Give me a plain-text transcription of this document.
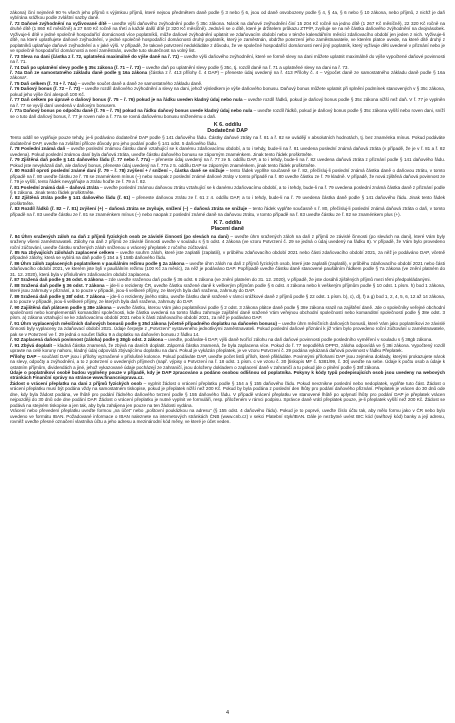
zákona) činí nejméně 90 % všech jeho příjmů s výjimkou příjmů, které nejsou předmětem daně podle § 3 nebo § 6, jsou od daně osvobozeny podle § 4, § 4a, § 6 nebo § 10 zákona, nebo příjmů, z nichž je daň vybírána srážkou podle zvláštní sazby daně.

ř. 72 Daňové zvýhodnění na vyživované dítě – uveďte výši daňového zvýhodnění podle § 35c zákona. Nárok na daňové zvýhodnění činí 15 204 Kč ročně na jedno dítě (1 267 Kč měsíčně), 22 320 Kč ročně na druhé dítě (1 860 Kč měsíčně) a 27 840 Kč ročně na třetí a každé další dítě (2 320 Kč měsíčně). Jedná-li se o dítě, které je držitelem průkazu ZTP/P, zvyšuje se na ně částka daňového zvýhodnění na dvojnásobek. Vyživuje-li dítě v jedné společně hospodařící domácnosti více poplatníků, může daňové zvýhodnění uplatnit ve zdaňovacím období nebo v témže kalendářním měsíci zdaňovacího období jen jeden z nich. Vyživuje-li dítě, na které uplatňujete daňové zvýhodnění, v jedné společně hospodařící domácnosti druhý poplatník, který je zaměstnán, obdržte potvrzení jeho zaměstnavatele, ve kterém platce uvede, na které dítě druhý z poplatníků uplatňuje daňové zvýhodnění a v jaké výši. V případě, že takové potvrzení nedokládáte z důvodu, že ve společné hospodařící domácnosti není jiný poplatník, který vyživuje děti uvedené v přiznání nebo je ve společně hospodařící domácnosti a není zaměstnán, uveďte tuto skutečnost na volný list.

ř. 73 Sleva na dani (částka z ř. 72, uplatněná maximálně do výše daně na ř. 71) – uveďte výši daňového zvýhodnění, které ve formě slevy na dani můžete uplatnit maximálně do výše vypočtené daňové povinnosti na ř. 71.

ř. 74 Daň po uplatnění slevy podle § 35c zákona (ř. 71 – ř. 73) – uveďte daň po uplatnění slevy podle § 35c, tj. rozdíl daně na ř. 71 a uplatněné slevy na dani na ř. 73.

ř. 74a Daň ze samostatného základu daně podle § 16a zákona (částka z ř. 413 přílohy č. 4 DAP) – přeneste údaj uvedený na ř. 413 Přílohy č. 4 – Výpočet daně ze samostatného základu daně podle § 16a zákona*.

ř. 75 Daň celkem (ř. 74 + ř. 74a) – uveďte součet daně a daně ze samostatného základu daně.

ř. 76 Daňový bonus (ř. 72 – ř. 73) – uveďte rozdíl daňového zvýhodnění a slevy na dani, jehož výsledkem je výše daňového bonusu. Daňový bonus můžete uplatnit při splnění podmínek stanovených v § 35c zákona, pokud jeho výše činí alespoň 100 Kč.

ř. 77 Daň celkem po úpravě o daňový bonus (ř. 75 – ř. 76) pokud je na řádku uveden kladný údaj nebo nula – uveďte rozdíl řádků, pokud je daňový bonus podle § 35c zákona nižší než daň. V ř. 77 je vyplněn na ř. 77 se vyvíjí daní uvedená v daňovým bonusem.

ř. 77a Daňový bonus po odpočtu daně (ř. 76 – ř. 75) pokud na řádku daňový bonus uvede kladný údaj nebo nula – uveďte rozdíl řádků, pokud je daňový bonus podle § 35c zákona vyšší nebo roven dani, sníží se o tuto daň daňový bonus, ř. 77 je roven nule a ř. 77a se rovná daňovému bonusu sníženému o daň.

K 6. oddílu
Dodatečné DAP

Tento oddíl se vyplňuje pouze tehdy, je-li podáváno dodatečné DAP podle § 141 daňového řádu. Částky daňové ztráty na ř. 81 a ř. 82 se uvádějí v absolutních hodnotách, tj. bez znaménka mínus. Pokud podáváte dodatečné DAP, uveďte na zvláštní příloze důvody pro jeho podání podle § 141 odst. 5 daňového řádu.

ř. 78 Poslední známá daň – uveďte poslední známou částku daně vztahující se k danému zdaňovacímu období, a to i tehdy, bude-li na ř. 81 uvedena poslední známá daňová ztráta (v případě, že je v ř. 81 a ř. 82 uvedena). Pokud poslední známou daní byla daňová ztráta, uveďte částku daňového bonusu se záporným znaménkem. Jinak tento řádek proškrtněte.

ř. 79 Zjištěná daň podle § 141 daňového řádu (ř. 77 nebo ř. 77a) – přeneste údaj uvedený na ř. 77 ze 5. oddílu DAP, a to i tehdy, bude-li na ř. 82 uvedena daňová ztráta z přiznání podle § 141 daňového řádu. Pokud jste nevykázali daň, ale daňový bonus, přeneste údaj uvedený na ř. 77a z 5. oddílu DAP se záporným znaménkem, jinak tento řádek proškrtněte.

ř. 80 Rozdíl oproti poslední známé dani (ř. 79 – ř. 78) zvýšení + / snížení –, částka daně se snižuje – tento řádek vyplňte současně se ř. 82, přečísluj-li poslední známá částka daně o daňovou ztrátu, v tomto případě na ř. 80 uveďte částku ze ř. 78 se znaménkem mínus (–) nebo naopak z poslední známé daňové ztráty v tomto případě na ř. 80 uveďte částku ze ř. 79 kladně. V případě, že nová zjištěná daňová povinnost ze ř. 79 je vyšší, tento řádek nevyplňujte a ztrátu hoďte ze ř. 79 a ř. 82.

ř. 81 Poslední známá daň – daňová ztráta – uveďte poslední známou daňovou ztrátu vztahující se k danému zdaňovacímu období, a to i tehdy, bude-li na ř. 79 uvedena poslední známá částka daně z přiznání podle § 6 zákona. Jinak tento řádek proškrtněte.

ř. 82 Zjištěná ztráta podle § 141 daňového řádu (ř. 61) – přeneste daňovou ztrátu ze ř. 61 z 4. oddílu DAP, a to i tehdy, bude-li na ř. 79 uvedena částka daně podle § 141 daňového řádu. Jinak tento řádek proškrtněte.

ř. 83 Rozdíl řádků (ř. 82 – ř. 81) zvýšení (+) – daňová ztráta se zvyšuje, snížení (–) – daňová ztráta se snižuje – tento řádek vyplňte současně s ř. 80, přečísluj-li poslední známá daňová ztráta o daň, v tomto případě na ř. 83 uveďte částku ze ř. 81 se znaménkem mínus (–) nebo naopak z poslední známé daně na daňovou ztrátu, v tomto případě na ř. 83 uveďte částku ze ř. 82 se znaménkem plus (+).

K 7. oddílu
Placení daně

ř. 84 Úhrn sražených záloh na daň z příjmů fyzických osob ze závislé činnosti (po slevách na dani) – uveďte úhrn sražených záloh na daň z příjmů ze závislé činnosti (po slevách na dani), které Vám byly sraženy všemi zaměstnavateli. Zálohy na daň z příjmů ze závislé činnosti uveďte v souladu s § 5 odst. 4 zákona (ve vzoru Potvrzení č. 29 se jedná o údaj uvedený na řádku 8). V případě, že Vám bylo provedeno roční zúčtování, uveďte částku sražených záloh sníženou o vrácený přeplatek z ročního zúčtování.

ř. 85 Na zbývajících zálohách zaplacené celkem – uveďte souhrn záloh, které jste zaplatili (zaplatili), v průběhu zdaňovacího období 2021 nebo části zdaňovacího období 2021, za něž je podáváno DAP, včetně případné zálohy, která se vybírá na daň podle § 154 a § 158b daňového řádu.

ř. 86 Úhrn záloh zaplacených poplatníkem v paušálním režimu podle § 2a zákona – uveďte úhrn záloh na daň z příjmů fyzických osob, které jste zaplatili (zaplatili), v průběhu zdaňovacího období 2021 nebo části zdaňovacího období 2021, ve kterém jste byli v paušálním režimu (100 Kč za měsíc), za něž je podáváno DAP. Popřípadě uveďte částku daně stanovené paušálním řádkem podle § 7a zákona (ve znění platném do 31. 12. 2020), která byla v příslušném zdaňovacím období zaplacena.

ř. 87 Sražená daň podle § 36 odst. 6 zákona – zde uveďte sraženou daň podle § 36 odst. 6 zákona (ve znění platném do 31. 12. 2020), v případě, že jste dosáhli zjištěných příjmů mezi těmi předpokládanými.

ř. 88 Sražená daň podle § 36 odst. 7 zákona – jde-li o rezidenty ČR, uveďte částku sražené daně k veškerým příjmům podle § 6 odst. 4 zákona nebo k veškerým příjmům podle § 10 odst. 1 písm. h) bod 1 zákona, které jsou zahrnuty v přiznání, a to pouze v případě, jsou-li veškeré příjmy, ze kterých byla daň sražena, zahrnuty do DAP.

ř. 89 Sražená daň podle § 38f odst. 7 zákona – jde-li o rezidenty jiného státu, uveďte částku daně sražené v rámci srážkové daně z příjmů podle § 22 odst. 1 písm. b), c), d), f) a g) bod 1, 2, 4, 5, 6, 12 až 14 zákona, a to pouze v případě, jsou-li veškeré příjmy, ze kterých byla daň sražena, zahrnuty do DAP.

ř. 90 Zajištěná daň plátcem podle § 38e zákona – uveďte částku, kterou Vám jako poplatníkovi podle § 2 odst. 3 zákona plátce daně podle § 38e zákona srazil na zajištění daně. Jde o společníky veřejné obchodní společnosti nebo komplementáři komanditní společnosti, kde částka uvedená na tomto řádku zahrnuje zajištění daně sražené Vám veřejnou obchodní společností nebo komanditní společností podle § 38e odst. 3 písm. a) zákona vztahující se ke zdaňovacímu období 2021 nebo k části zdaňovacího období 2021, za něž je podáváno DAP.

ř. 91 Úhrn vyplacených měsíčních daňových bonusů podle § 35d zákona (včetně případného doplatku na daňovém bonusu) – uveďte úhrn měsíčních daňových bonusů, které Vám jako poplatníkovi ze závislé činnosti byly vyplaceny za zdaňovací období 2021. Údaje čerpejte z „Potvrzení“ vystaveného jednotlivými zaměstnavateli. Pokud poslední daňové přiznání k již Vám bylo provedeno roční zúčtování u zaměstnavatele, pak se v Potvrzení ve ř. 29 jedná o součet řádku 9 a doplatku na daňovém bonusu z řádku 14.

ř. 92 Zaplacená daňová povinnost (záloha) podle § 38gb odst. 2 zákona – uveďte, podáváte-li DAP, výši daně tvořící zálohu na daň daňové povinnosti podle posledního vyměření v souladu s § 38gb zákona.

ř. 91 Zbývá doplatit – kladná částka znamená, že zbývá na daních doplatit. Záporná částka znamená, že byla zaplacena více. Pokud do ř. 77 nepodléhá DPPO, záloha odpovídá ve § 38i zákona. Vypočtený rozdíl upravte na celé koruny nahoru, kladný údaj odpovídá zbývajícímu doplatku na dani. Pokud je vykázán přeplatek, je ve vzoru Potvrzení č. 29 podána vykázaná daňová povinnost v řádku Přeplatek.

Přílohy DAP – součástí DAP jsou i přílohy vyznačené v příslušné kolonce. Pokud podáváte DAP, uveďte počet listů příloh, které přikládáte. Povinnými přílohami DAP jsou zejména doklady, kterými prokazujete nárok na slevy, odpočty a zvýhodnění, a to z potvrzení o uvedených příjmech (např. výpisy o Potvrzení na ř. 18 odst. 1 písm. c ve vzoru č. 30 [tiskopis MF č. 5381/99, č. 30] uveďte na sebe. Údaje k počtu osob a údaje k ostatním příjmům, dividendách a jiné, jehož vykazované údaje pocházejí ze zahraničí, jsou doloženy dokladem o zaplacení daně v zahraničí a tu pokud jde o plnění podle § 38f zákona.

Údaje o poplatníkovi osobě budou vyplněny pouze v případě, kdy je DAP zpracováno a podáno osobou odlišnou od poplatníka. Pokyny k kódy typů podepisujících osob jsou uvedeny na webových stránkách Finanční správy na stránce www.financnisprava.cz.

Žádost o vrácení přeplatku na dani z příjmů fyzických osob – vyplnit žádost o vrácení přeplatku podle § 154 a § 155 daňového řádu. Pokud nevznikne poslední nebo nedoplatek, vyplňte tuto část. Žádost o vrácení přeplatku musí být podána vždy na samostatném tiskopise, pokud je přeplatek nižší než 200 Kč. Pokud by byla podána z poslední den lhůty pro podání daňového přiznání. Přeplatek je vrácen do 30 dnů ode dne, kdy byla žádost podána, ve lhůtě pro podání řádného daňového tvrzení podle § 155 daňového řádu. V případě vrácení přeplatku ve stanovené lhůtě po uplynutí lhůty pro podání DAP je přeplatek vrácen nejpozději do 30 dnů ode dne podání DAP. Žádost o vrácení přeplatku je nutné vyplnit ve formuláři, resp. přiloženém v rámci podpisu. Správce daně vrátí přeplatek pouze, je-li přeplatek vyšší než 200 Kč. Žádost se podává na stejném tiskopise a jen tak, aby byla zahájena jen pouze na ten žádosti vydána.

Vrácení nebo převedení přeplatku uveďte formou „na účet“ nebo „poštovní poukázkou na adresu“ (§ 155 odst. 4 daňového řádu). Pokud je to poprvé, uveďte číslo účtu tak, aby mělo formu jako v ČR nebo bylo uvedeno ve formátu IBAN. Požadované informace o IBAN naleznete na internetových stránkách ČNB (www.cnb.cz) v sekci Platební styk/IBAN. Dále je nezbytné uvést BIC kód (swiftový kód) banky a její adresu, rovněž uveďte přesné označení vlastníka účtu a jeho adresu a mezinárodní kód měny, ve které je účet veden.

4
